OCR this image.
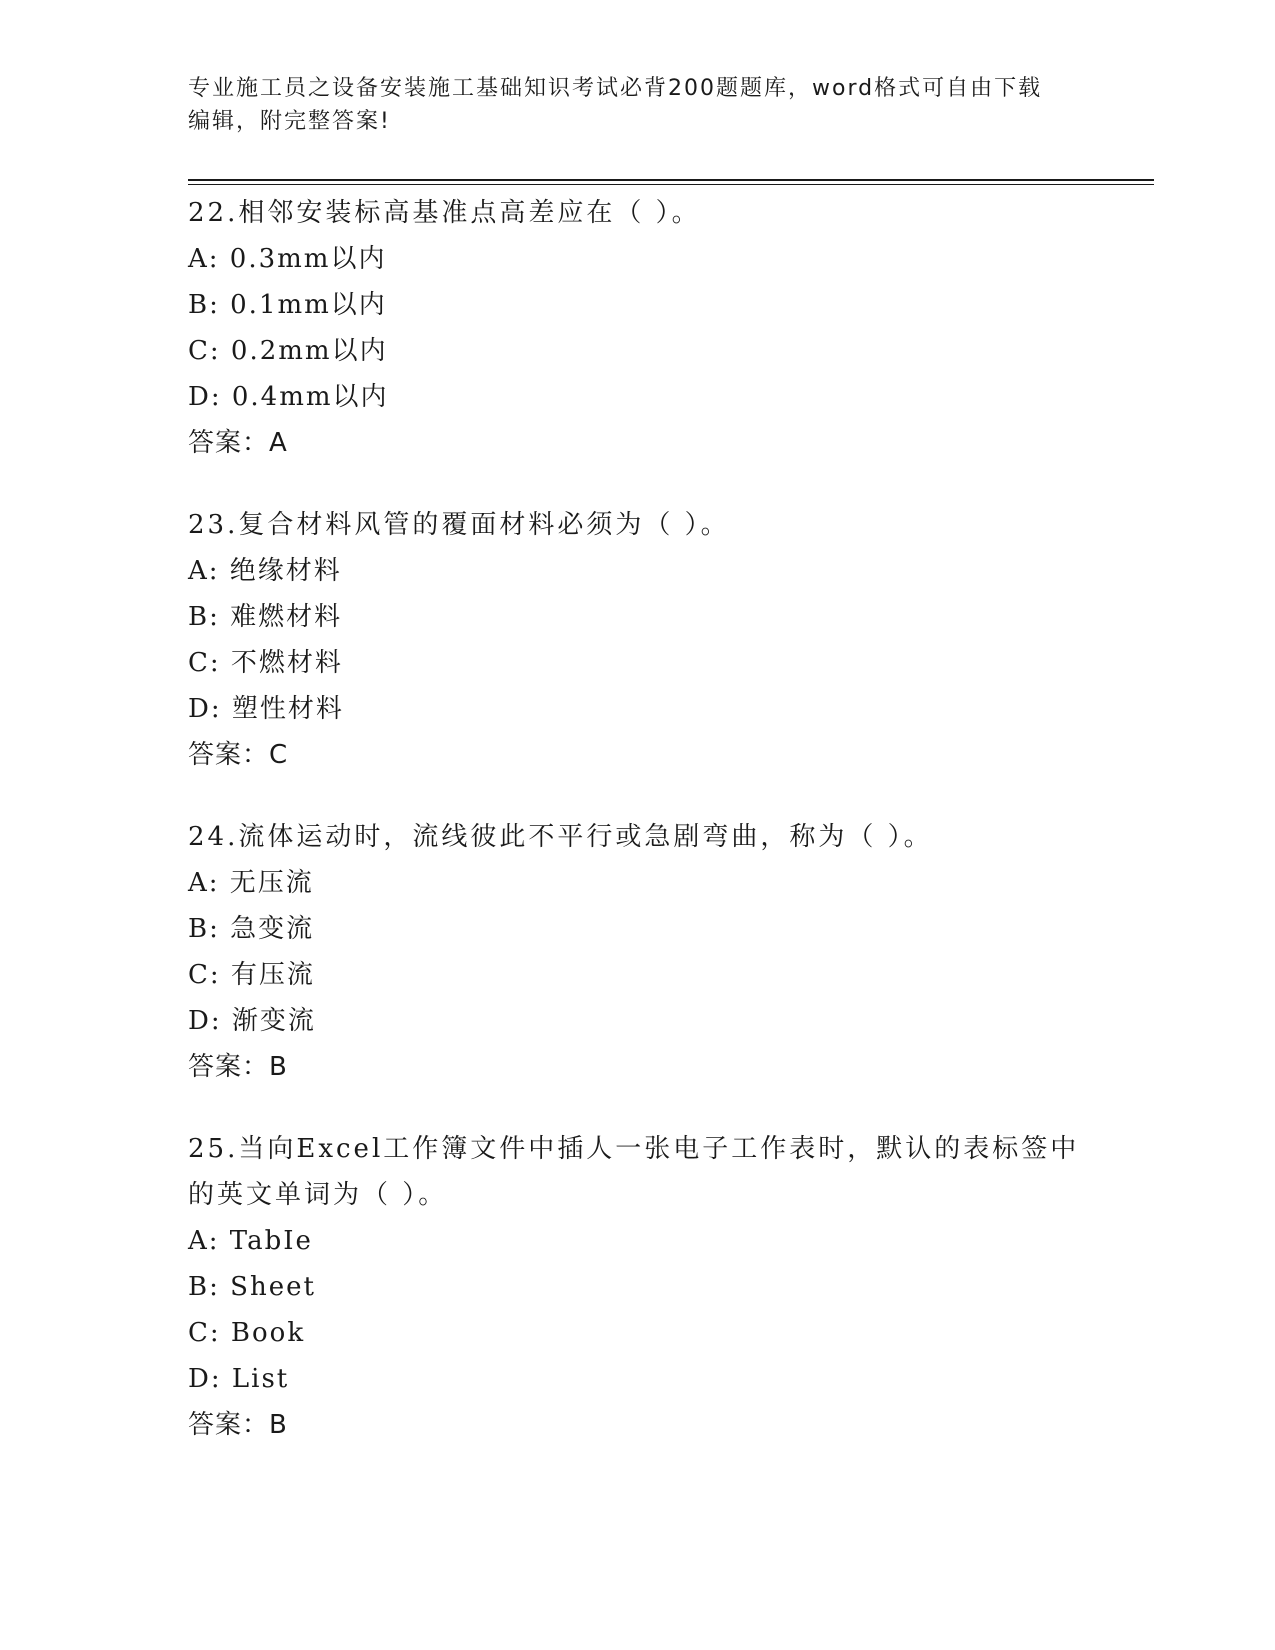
专业施工员之设备安装施工基础知识考试必背200题题库，word格式可自由下载
编辑，附完整答案!
22.相邻安装标高基准点高差应在（ ）。
A: 0.3mm以内
B: 0.1mm以内
C: 0.2mm以内
D: 0.4mm以内
答案：A
23.复合材料风管的覆面材料必须为（ ）。
A: 绝缘材料
B: 难燃材料
C: 不燃材料
D: 塑性材料
答案：C
24.流体运动时，流线彼此不平行或急剧弯曲，称为（ ）。
A: 无压流
B: 急变流
C: 有压流
D: 渐变流
答案：B
25.当向Excel工作簿文件中插人一张电子工作表时，默认的表标签中
的英文单词为（ ）。
A: TabIe
B: Sheet
C: Book
D: List
答案：B
